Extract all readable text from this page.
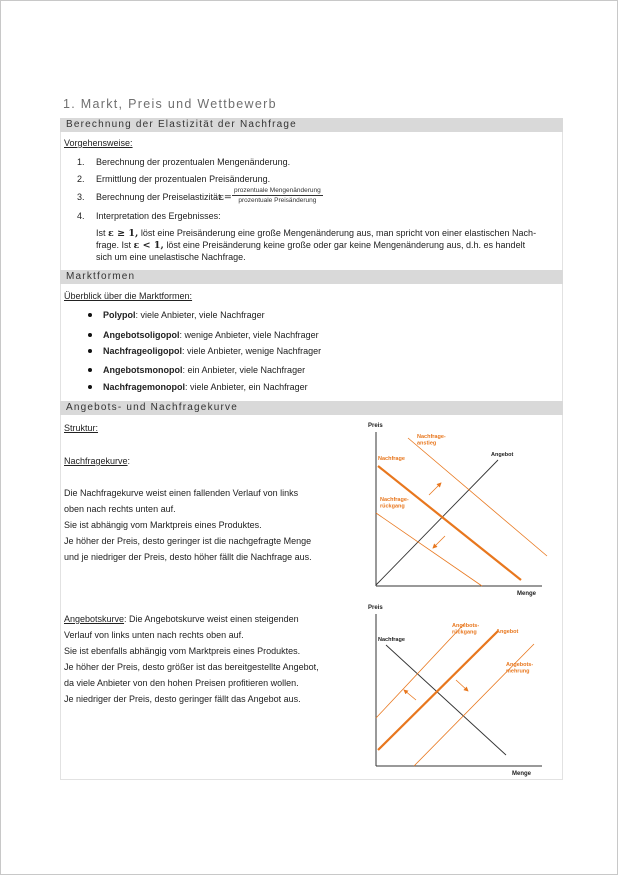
1. Markt, Preis und Wettbewerb
Berechnung der Elastizität der Nachfrage
Vorgehensweise:
1. Berechnung der prozentualen Mengenänderung.
2. Ermittlung der prozentualen Preisänderung.
3. Berechnung der Preiselastizität.
ε=
prozentuale Mengenänderung
prozentuale Preisänderung
4. Interpretation des Ergebnisses:
Ist ε ≥ 1, löst eine Preisänderung eine große Mengenänderung aus, man spricht von einer elastischen Nach-
frage. Ist ε < 1, löst eine Preisänderung keine große oder gar keine Mengenänderung aus, d.h. es handelt
sich um eine unelastische Nachfrage.
Marktformen
Überblick über die Marktformen:
Polypol: viele Anbieter, viele Nachfrager
Angebotsoligopol: wenige Anbieter, viele Nachfrager
Nachfrageoligopol: viele Anbieter, wenige Nachfrager
Angebotsmonopol: ein Anbieter, viele Nachfrager
Nachfragemonopol: viele Anbieter, ein Nachfrager
Angebots- und Nachfragekurve
Struktur:
Nachfragekurve:
Die Nachfragekurve weist einen fallenden Verlauf von links
oben nach rechts unten auf.
Sie ist abhängig vom Marktpreis eines Produktes.
Je höher der Preis, desto geringer ist die nachgefragte Menge
und je niedriger der Preis, desto höher fällt die Nachfrage aus.
Angebotskurve: Die Angebotskurve weist einen steigenden
Verlauf von links unten nach rechts oben auf.
Sie ist ebenfalls abhängig vom Marktpreis eines Produktes.
Je höher der Preis, desto größer ist das bereitgestellte Angebot,
da viele Anbieter von den hohen Preisen profitieren wollen.
Je niedriger der Preis, desto geringer fällt das Angebot aus.
Preis
Menge
Nachfrage-anstieg
Nachfrage
Angebot
Nachfrage-rückgang
Preis
Menge
Nachfrage
Angebots-rückgang	Angebot
Angebots-mehrung
